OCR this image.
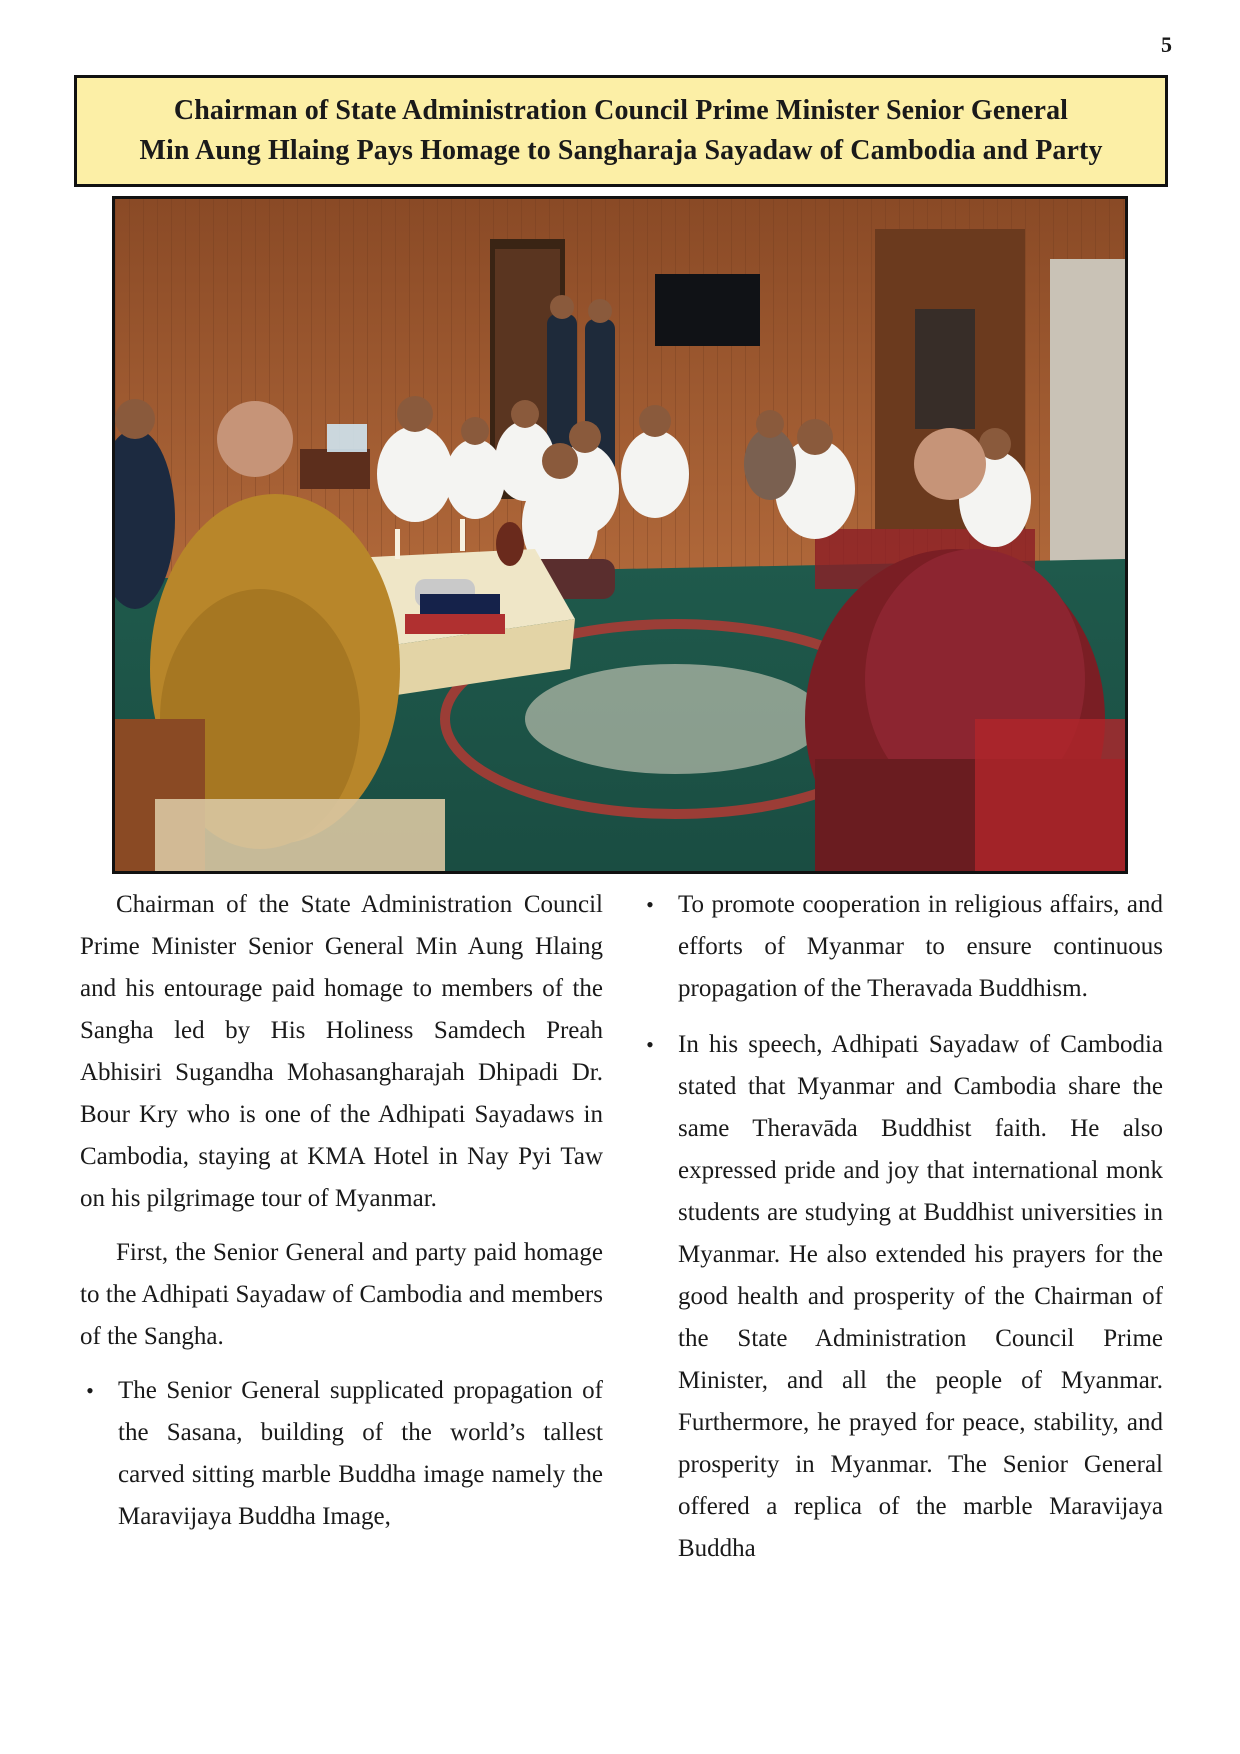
5
Chairman of State Administration Council Prime Minister Senior General
Min Aung Hlaing Pays Homage to Sangharaja Sayadaw of Cambodia and Party

Chairman of the State Administration Council Prime Minister Senior General Min Aung Hlaing and his entourage paid homage to members of the Sangha led by His Holiness Samdech Preah Abhisiri Sugandha Mohasangharajah Dhipadi Dr. Bour Kry who is one of the Adhipati Sayadaws in Cambodia, staying at KMA Hotel in Nay Pyi Taw on his pilgrimage tour of Myanmar.

First, the Senior General and party paid homage to the Adhipati Sayadaw of Cambodia and members of the Sangha.

• The Senior General supplicated propagation of the Sasana, building of the world’s tallest carved sitting marble Buddha image namely the Maravijaya Buddha Image,
• To promote cooperation in religious affairs, and efforts of Myanmar to ensure continuous propagation of the Theravada Buddhism.
• In his speech, Adhipati Sayadaw of Cambodia stated that Myanmar and Cambodia share the same Theravāda Buddhist faith. He also expressed pride and joy that international monk students are studying at Buddhist universities in Myanmar. He also extended his prayers for the good health and prosperity of the Chairman of the State Administration Council Prime Minister, and all the people of Myanmar. Furthermore, he prayed for peace, stability, and prosperity in Myanmar. The Senior General offered a replica of the marble Maravijaya Buddha
